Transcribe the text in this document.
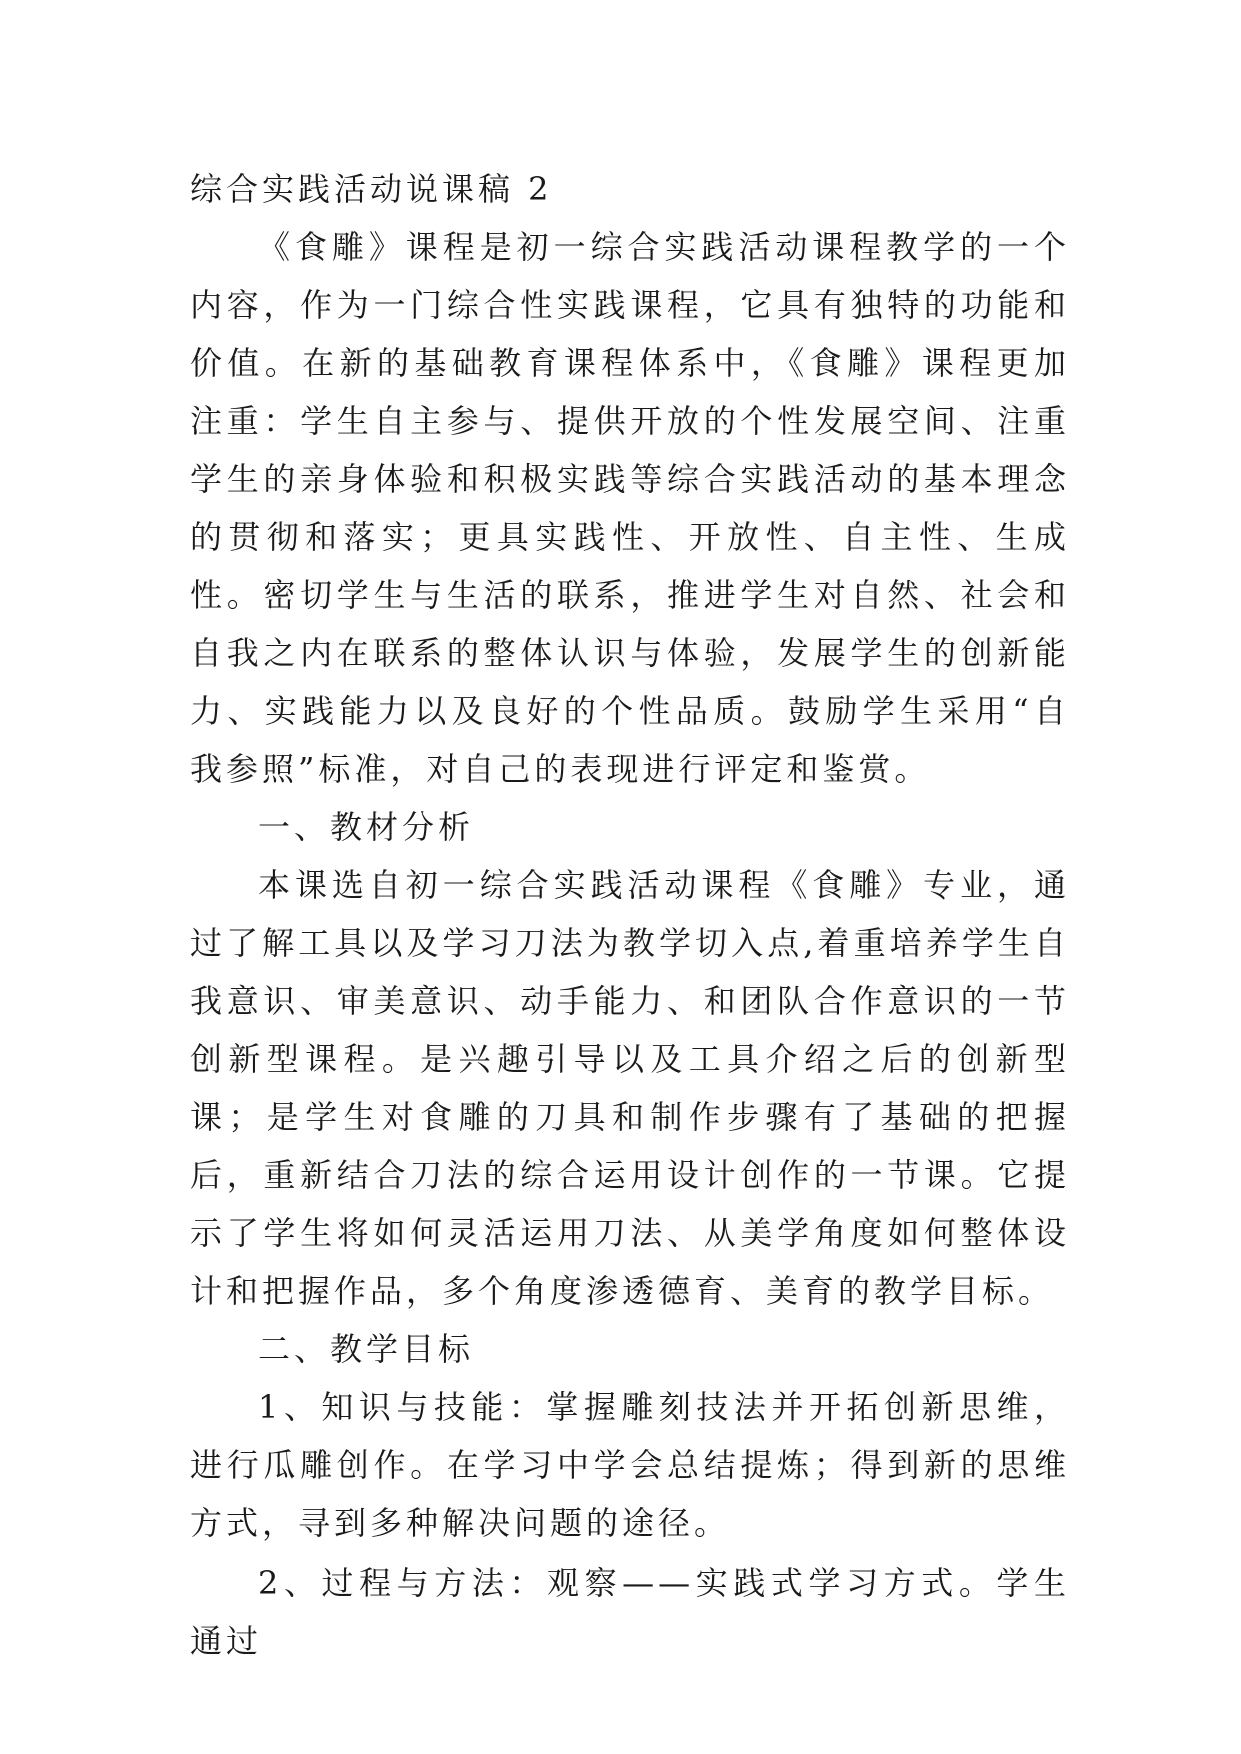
综合实践活动说课稿 2

《食雕》课程是初一综合实践活动课程教学的一个内容，作为一门综合性实践课程，它具有独特的功能和价值。在新的基础教育课程体系中，《食雕》课程更加注重：学生自主参与、提供开放的个性发展空间、注重学生的亲身体验和积极实践等综合实践活动的基本理念的贯彻和落实；更具实践性、开放性、自主性、生成性。密切学生与生活的联系，推进学生对自然、社会和自我之内在联系的整体认识与体验，发展学生的创新能力、实践能力以及良好的个性品质。鼓励学生采用“自我参照”标准，对自己的表现进行评定和鉴赏。

一、教材分析

本课选自初一综合实践活动课程《食雕》专业，通过了解工具以及学习刀法为教学切入点,着重培养学生自我意识、审美意识、动手能力、和团队合作意识的一节创新型课程。是兴趣引导以及工具介绍之后的创新型课；是学生对食雕的刀具和制作步骤有了基础的把握后，重新结合刀法的综合运用设计创作的一节课。它提示了学生将如何灵活运用刀法、从美学角度如何整体设计和把握作品，多个角度渗透德育、美育的教学目标。

二、教学目标

1、知识与技能：掌握雕刻技法并开拓创新思维，进行瓜雕创作。在学习中学会总结提炼；得到新的思维方式，寻到多种解决问题的途径。

2、过程与方法：观察——实践式学习方式。学生通过
